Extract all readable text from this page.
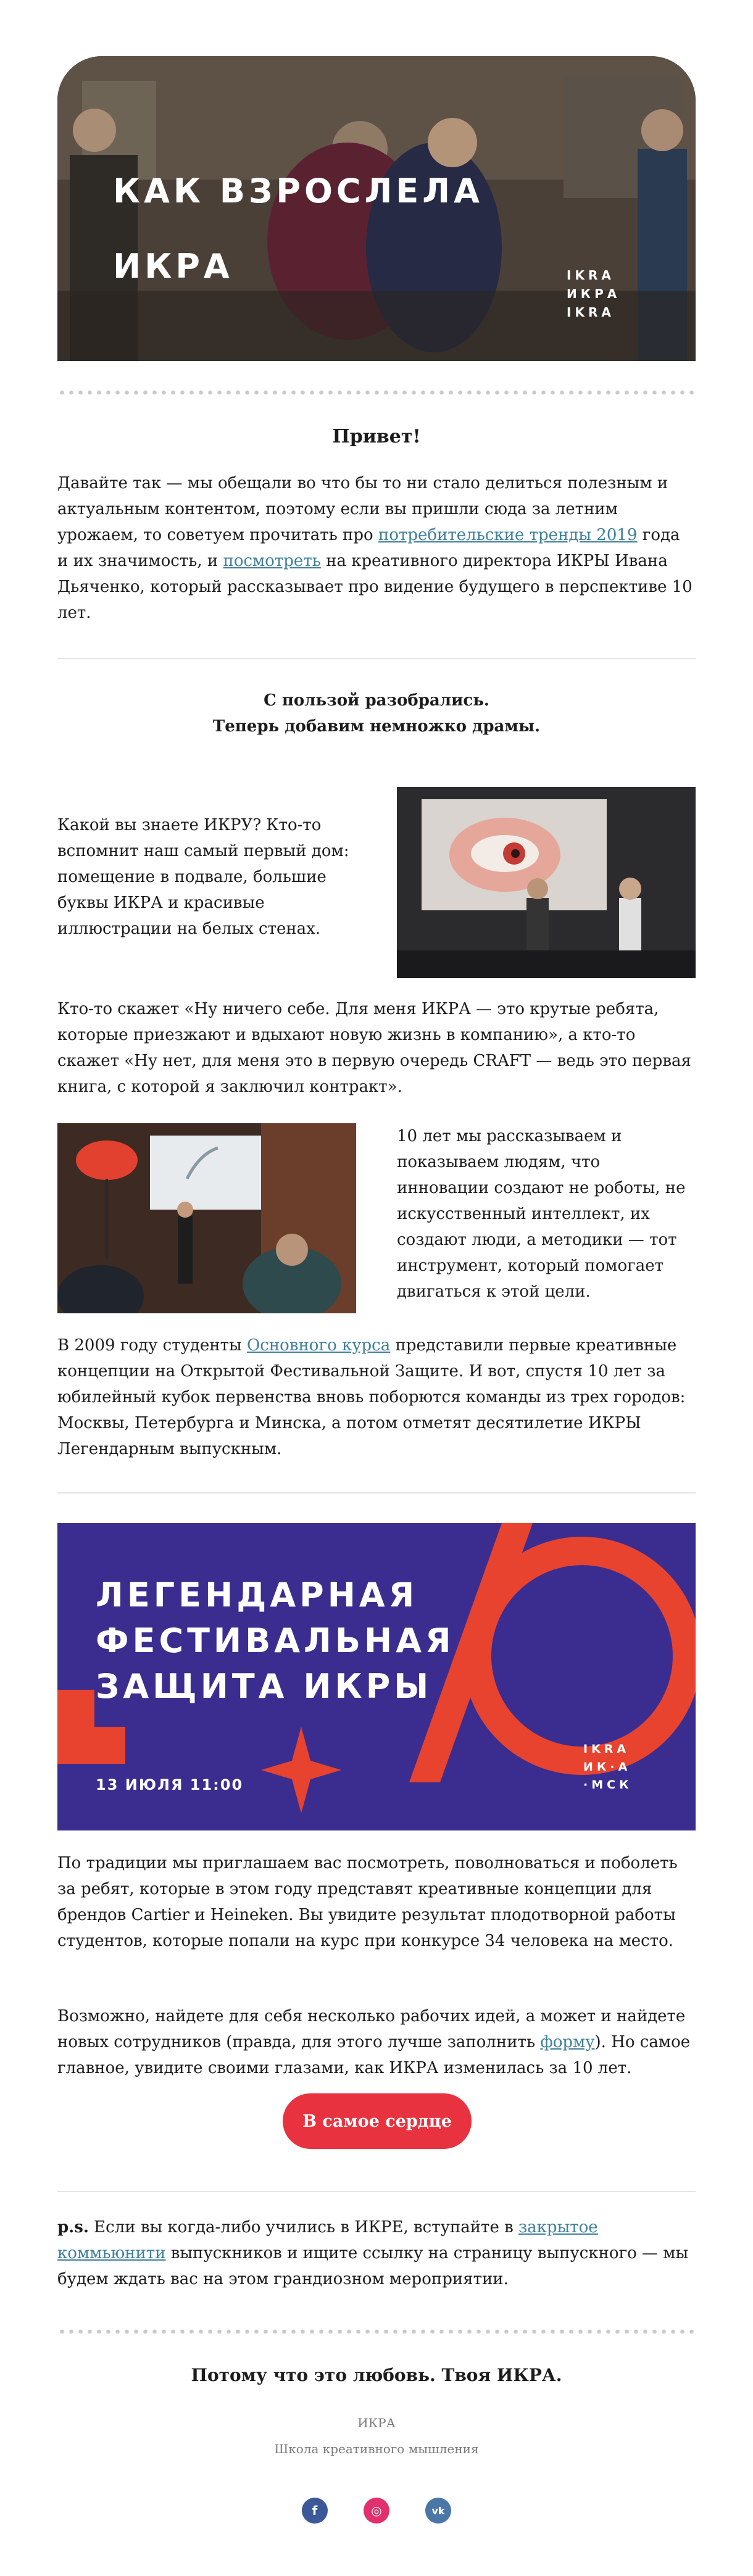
КАК ВЗРОСЛЕЛА
ИКРА	IKRA
ИКРА
IKRA
Привет!

Давайте так — мы обещали во что бы то ни стало делиться полезным и актуальным контентом, поэтому если вы пришли сюда за летним урожаем, то советуем прочитать про потребительские тренды 2019 года и их значимость, и посмотреть на креативного директора ИКРЫ Ивана Дьяченко, который рассказывает про видение будущего в перспективе 10 лет.

С пользой разобрались.
Теперь добавим немножко драмы.

Какой вы знаете ИКРУ? Кто-то вспомнит наш самый первый дом: помещение в подвале, большие буквы ИКРА и красивые иллюстрации на белых стенах.

Кто-то скажет «Ну ничего себе. Для меня ИКРА — это крутые ребята, которые приезжают и вдыхают новую жизнь в компанию», а кто-то скажет «Ну нет, для меня это в первую очередь CRAFT — ведь это первая книга, с которой я заключил контракт».

10 лет мы рассказываем и показываем людям, что инновации создают не роботы, не искусственный интеллект, их создают люди, а методики — тот инструмент, который помогает двигаться к этой цели.

В 2009 году студенты Основного курса представили первые креативные концепции на Открытой Фестивальной Защите. И вот, спустя 10 лет за юбилейный кубок первенства вновь поборются команды из трех городов: Москвы, Петербурга и Минска, а потом отметят десятилетие ИКРЫ Легендарным выпускным.

ЛЕГЕНДАРНАЯ
ФЕСТИВАЛЬНАЯ
ЗАЩИТА ИКРЫ
13 ИЮЛЯ 11:00
IKRA
ИК·А
·МСК

По традиции мы приглашаем вас посмотреть, поволноваться и поболеть за ребят, которые в этом году представят креативные концепции для брендов Cartier и Heineken. Вы увидите результат плодотворной работы студентов, которые попали на курс при конкурсе 34 человека на место.

Возможно, найдете для себя несколько рабочих идей, а может и найдете новых сотрудников (правда, для этого лучше заполнить форму). Но самое главное, увидите своими глазами, как ИКРА изменилась за 10 лет.

В самое сердце

p.s. Если вы когда-либо учились в ИКРЕ, вступайте в закрытое коммьюнити выпускников и ищите ссылку на страницу выпускного — мы будем ждать вас на этом грандиозном мероприятии.

Потому что это любовь. Твоя ИКРА.
ИКРА
Школа креативного мышления
f	◎	vk
